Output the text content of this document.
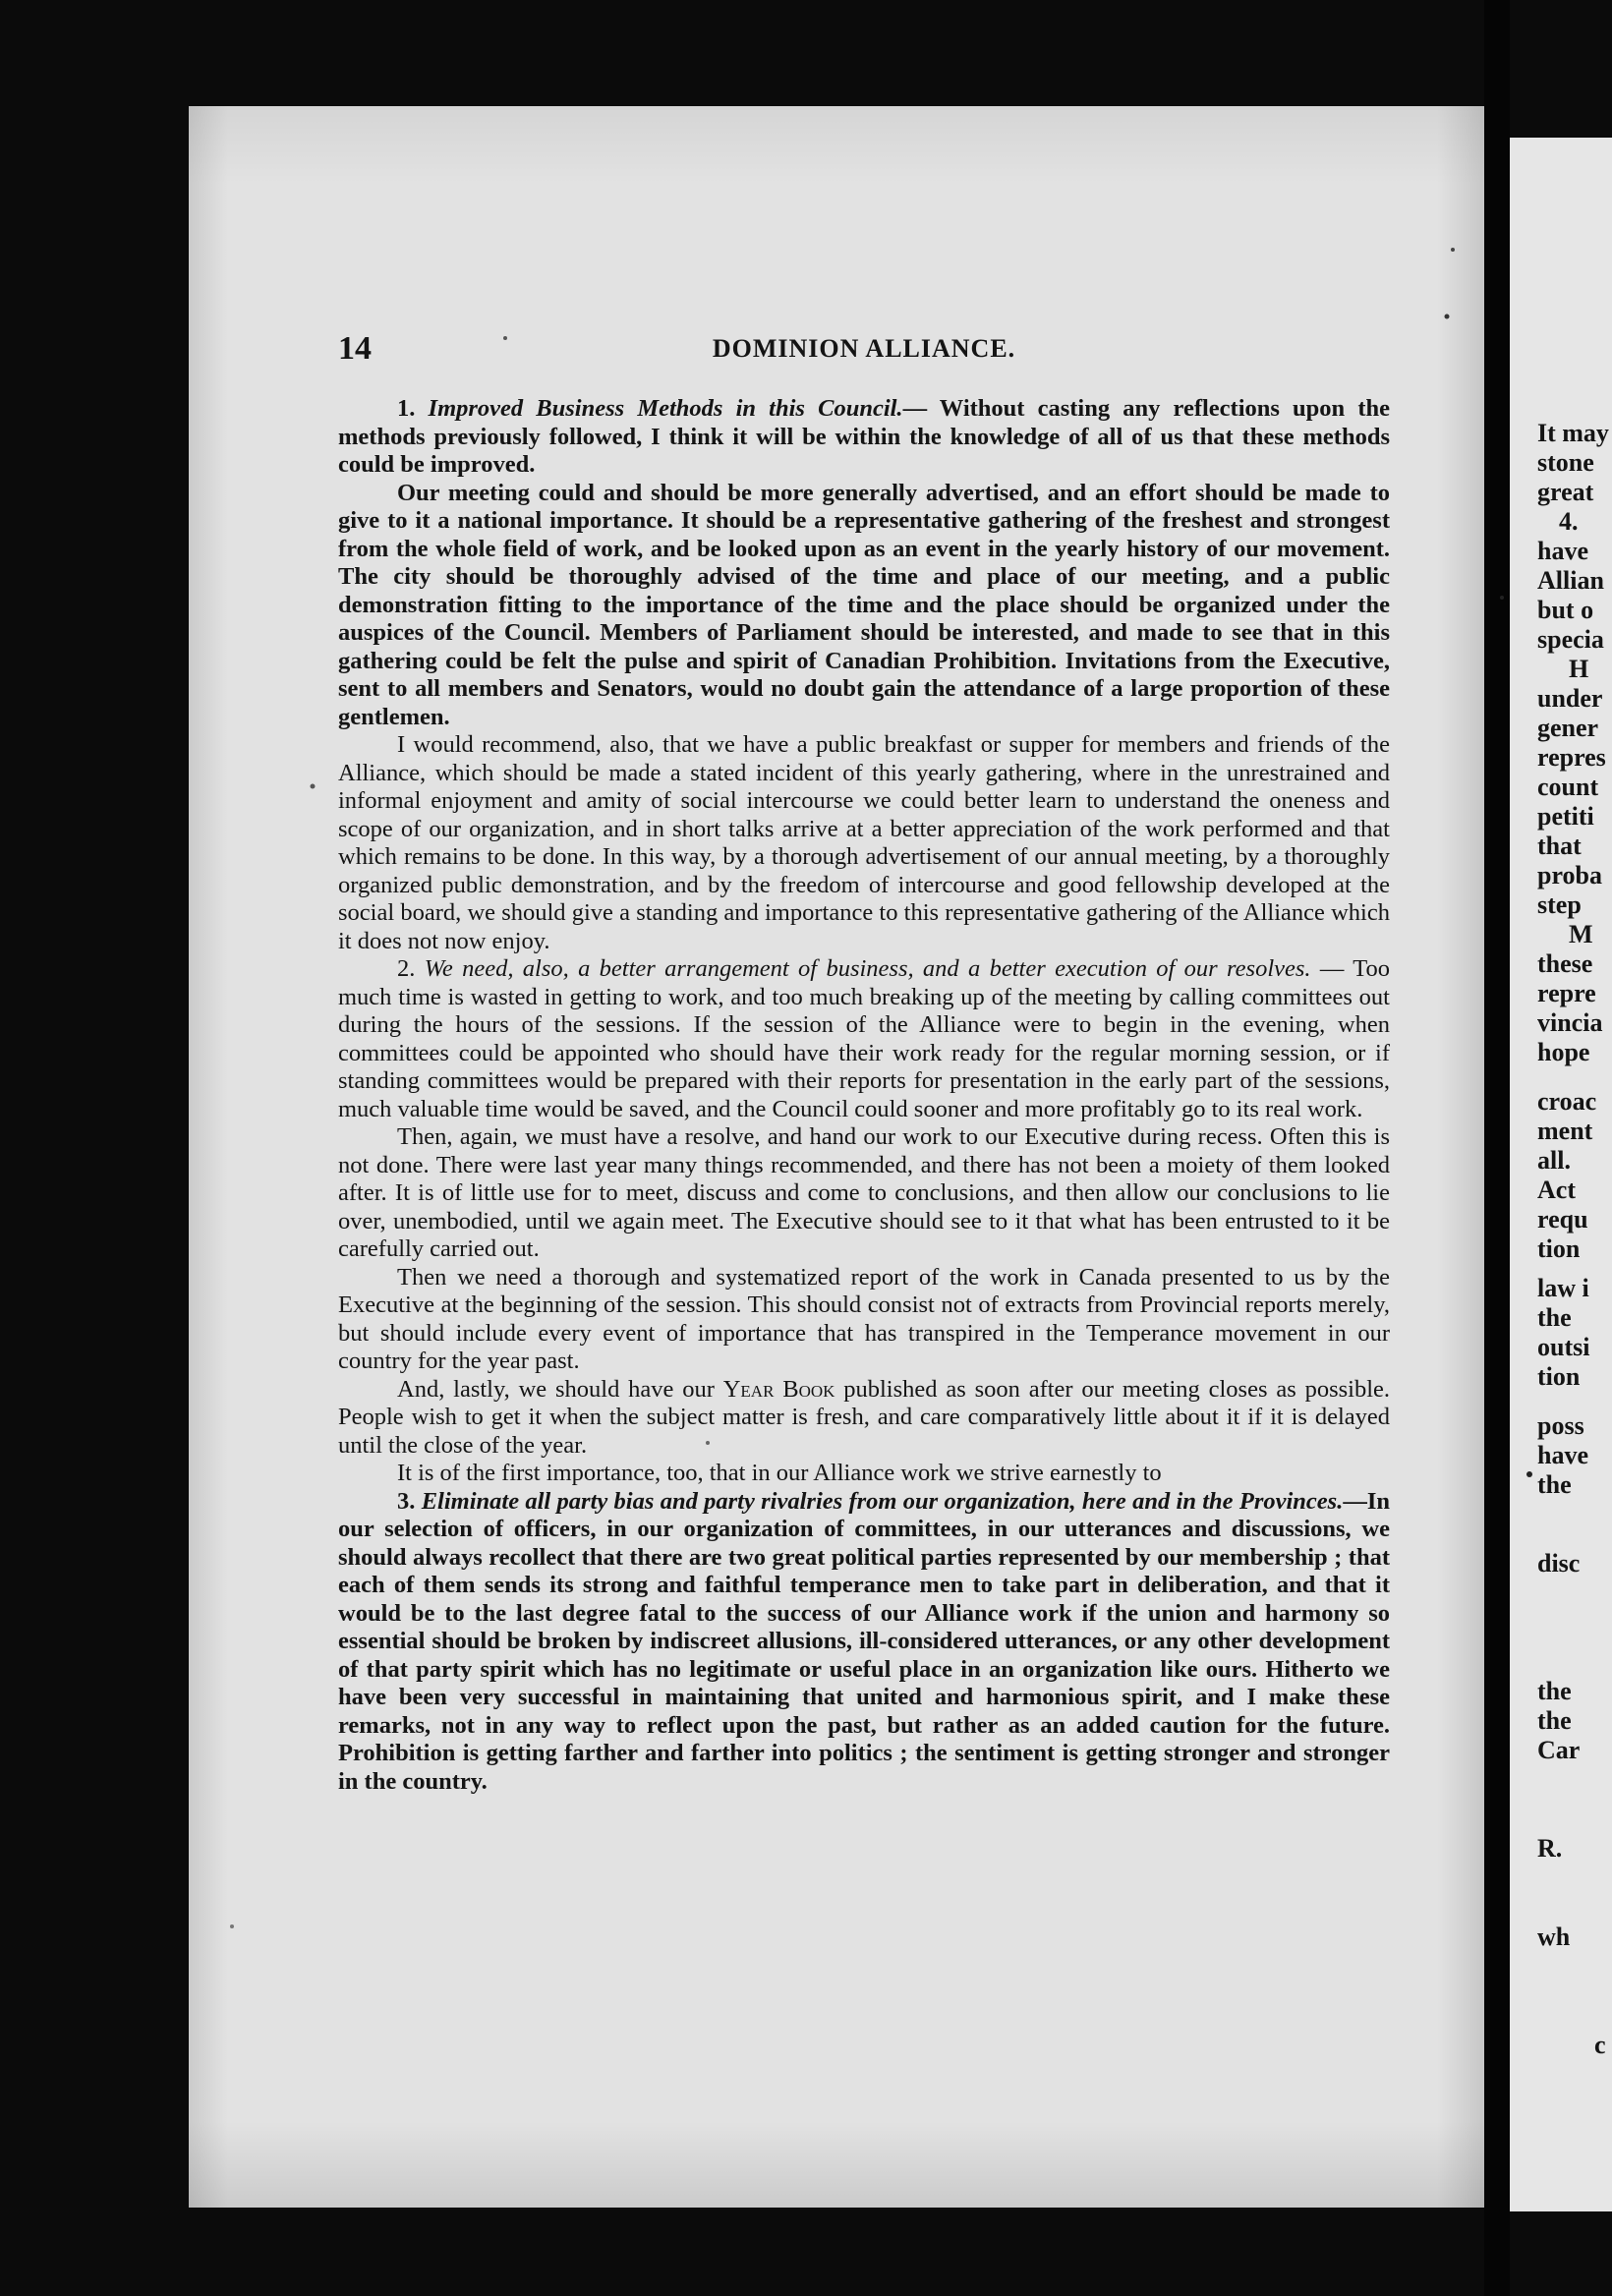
It may
stone
great
4.
have
Allian
but o
specia
H
under
gener
repres
count
petiti
that
proba
step
M
these
repre
vincia
hope
croac
ment
all.
Act
requ
tion
law i
the
outsi
tion
poss
have
the
disc
the
the
Car
R.
wh
c
14	DOMINION ALLIANCE.

1. Improved Business Methods in this Council.— Without casting any reflections upon the methods previously followed, I think it will be within the knowledge of all of us that these methods could be improved.

Our meeting could and should be more generally advertised, and an effort should be made to give to it a national importance. It should be a representative gathering of the freshest and strongest from the whole field of work, and be looked upon as an event in the yearly history of our movement. The city should be thoroughly advised of the time and place of our meeting, and a public demonstration fitting to the importance of the time and the place should be organized under the auspices of the Council. Members of Parliament should be interested, and made to see that in this gathering could be felt the pulse and spirit of Canadian Prohibition. Invitations from the Executive, sent to all members and Senators, would no doubt gain the attendance of a large proportion of these gentlemen.

I would recommend, also, that we have a public breakfast or supper for members and friends of the Alliance, which should be made a stated incident of this yearly gathering, where in the unrestrained and informal enjoyment and amity of social intercourse we could better learn to understand the oneness and scope of our organization, and in short talks arrive at a better appreciation of the work performed and that which remains to be done. In this way, by a thorough advertisement of our annual meeting, by a thoroughly organized public demonstration, and by the freedom of intercourse and good fellowship developed at the social board, we should give a standing and importance to this representative gathering of the Alliance which it does not now enjoy.

2. We need, also, a better arrangement of business, and a better execution of our resolves. — Too much time is wasted in getting to work, and too much breaking up of the meeting by calling committees out during the hours of the sessions. If the session of the Alliance were to begin in the evening, when committees could be appointed who should have their work ready for the regular morning session, or if standing committees would be prepared with their reports for presentation in the early part of the sessions, much valuable time would be saved, and the Council could sooner and more profitably go to its real work.

Then, again, we must have a resolve, and hand our work to our Executive during recess. Often this is not done. There were last year many things recommended, and there has not been a moiety of them looked after. It is of little use for to meet, discuss and come to conclusions, and then allow our conclusions to lie over, unembodied, until we again meet. The Executive should see to it that what has been entrusted to it be carefully carried out.

Then we need a thorough and systematized report of the work in Canada presented to us by the Executive at the beginning of the session. This should consist not of extracts from Provincial reports merely, but should include every event of importance that has transpired in the Temperance movement in our country for the year past.

And, lastly, we should have our Year Book published as soon after our meeting closes as possible. People wish to get it when the subject matter is fresh, and care comparatively little about it if it is delayed until the close of the year.

It is of the first importance, too, that in our Alliance work we strive earnestly to

3. Eliminate all party bias and party rivalries from our organization, here and in the Provinces.—In our selection of officers, in our organization of committees, in our utterances and discussions, we should always recollect that there are two great political parties represented by our membership ; that each of them sends its strong and faithful temperance men to take part in deliberation, and that it would be to the last degree fatal to the success of our Alliance work if the union and harmony so essential should be broken by indiscreet allusions, ill-considered utterances, or any other development of that party spirit which has no legitimate or useful place in an organization like ours. Hitherto we have been very successful in maintaining that united and harmonious spirit, and I make these remarks, not in any way to reflect upon the past, but rather as an added caution for the future. Prohibition is getting farther and farther into politics ; the sentiment is getting stronger and stronger in the country.
